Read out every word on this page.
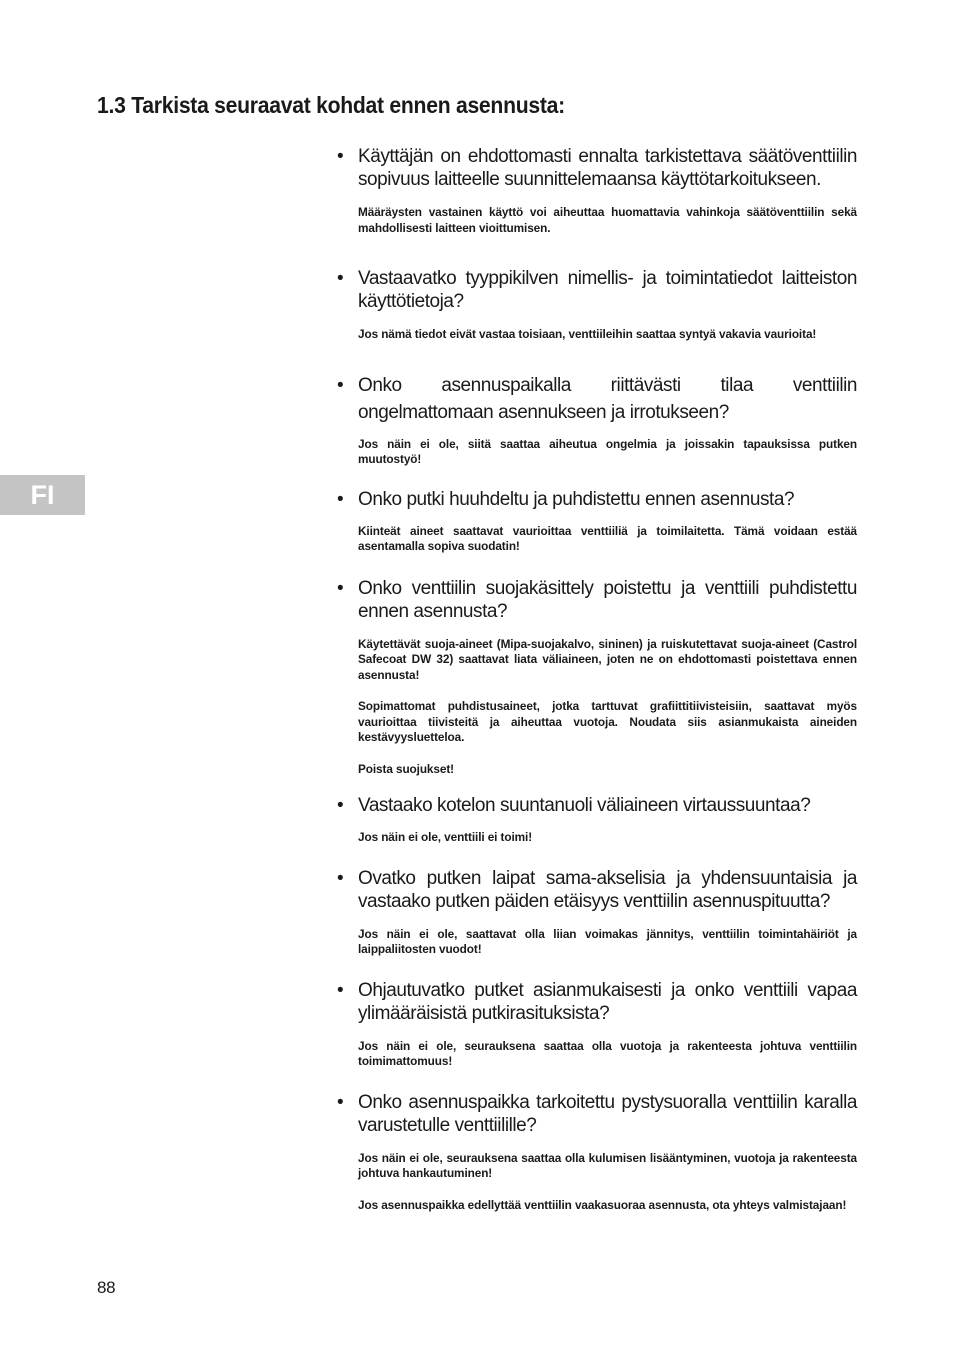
1.3 Tarkista seuraavat kohdat ennen asennusta:
FI

• Käyttäjän on ehdottomasti ennalta tarkistettava säätöventtiilin sopivuus laitteelle suunnittelemaansa käyttötarkoitukseen.

Määräysten vastainen käyttö voi aiheuttaa huomattavia vahinkoja säätöventtiilin sekä mahdollisesti laitteen vioittumisen.

• Vastaavatko tyyppikilven nimellis- ja toimintatiedot laitteiston käyttötietoja?

Jos nämä tiedot eivät vastaa toisiaan, venttiileihin saattaa syntyä vakavia vaurioita!

• Onko asennuspaikalla riittävästi tilaa venttiilin ongelmattomaan asennukseen ja irrotukseen?

Jos näin ei ole, siitä saattaa aiheutua ongelmia ja joissakin tapauksissa putken muutostyö!

• Onko putki huuhdeltu ja puhdistettu ennen asennusta?

Kiinteät aineet saattavat vaurioittaa venttiiliä ja toimilaitetta. Tämä voidaan estää asentamalla sopiva suodatin!

• Onko venttiilin suojakäsittely poistettu ja venttiili puhdistettu ennen asennusta?

Käytettävät suoja-aineet (Mipa-suojakalvo, sininen) ja ruiskutettavat suoja-aineet (Castrol Safecoat DW 32) saattavat liata väliaineen, joten ne on ehdottomasti poistettava ennen asennusta!

Sopimattomat puhdistusaineet, jotka tarttuvat grafiittitiivisteisiin, saattavat myös vaurioittaa tiivisteitä ja aiheuttaa vuotoja. Noudata siis asianmukaista aineiden kestävyysluetteloa.

Poista suojukset!

• Vastaako kotelon suuntanuoli väliaineen virtaussuuntaa?

Jos näin ei ole, venttiili ei toimi!

• Ovatko putken laipat sama-akselisia ja yhdensuuntaisia ja vastaako putken päiden etäisyys venttiilin asennuspituutta?

Jos näin ei ole, saattavat olla liian voimakas jännitys, venttiilin toimintahäiriöt ja laippaliitosten vuodot!

• Ohjautuvatko putket asianmukaisesti ja onko venttiili vapaa ylimääräisistä putkirasituksista?

Jos näin ei ole, seurauksena saattaa olla vuotoja ja rakenteesta johtuva venttiilin toimimattomuus!

• Onko asennuspaikka tarkoitettu pystysuoralla venttiilin karalla varustetulle venttiilille?

Jos näin ei ole, seurauksena saattaa olla kulumisen lisääntyminen, vuotoja ja rakenteesta johtuva hankautuminen!

Jos asennuspaikka edellyttää venttiilin vaakasuoraa asennusta, ota yhteys valmistajaan!

88
